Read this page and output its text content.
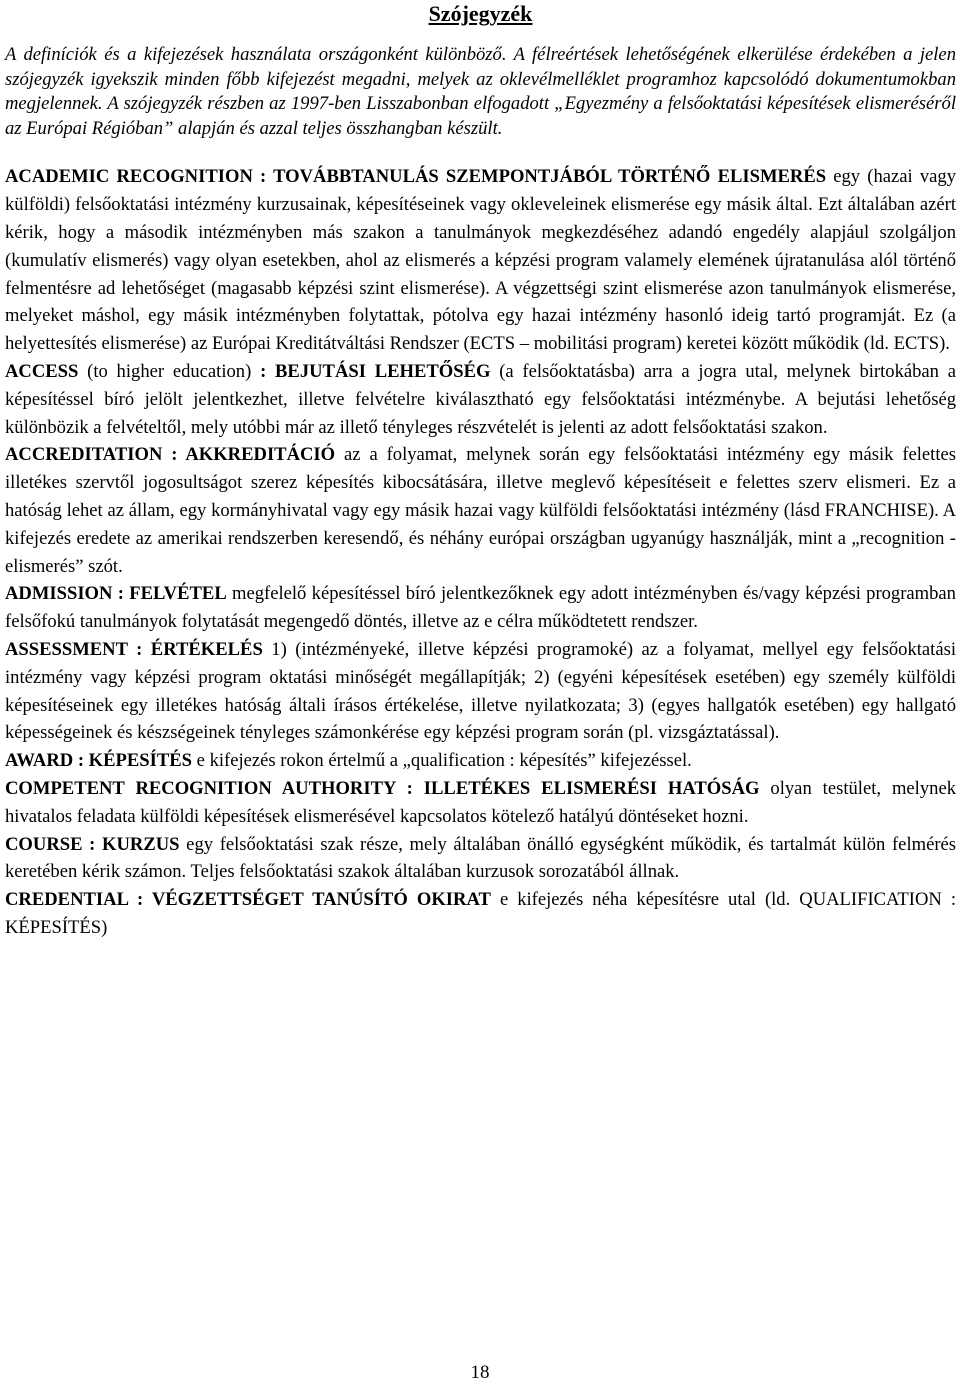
Szójegyzék

A definíciók és a kifejezések használata országonként különböző. A félreértések lehetőségének elkerülése érdekében a jelen szójegyzék igyekszik minden főbb kifejezést megadni, melyek az oklevélmelléklet programhoz kapcsolódó dokumentumokban megjelennek. A szójegyzék részben az 1997-ben Lisszabonban elfogadott „Egyezmény a felsőoktatási képesítések elismeréséről az Európai Régióban” alapján és azzal teljes összhangban készült.

ACADEMIC RECOGNITION : TOVÁBBTANULÁS SZEMPONTJÁBÓL TÖRTÉNŐ ELISMERÉS egy (hazai vagy külföldi) felsőoktatási intézmény kurzusainak, képesítéseinek vagy okleveleinek elismerése egy másik által. Ezt általában azért kérik, hogy a második intézményben más szakon a tanulmányok megkezdéséhez adandó engedély alapjául szolgáljon (kumulatív elismerés) vagy olyan esetekben, ahol az elismerés a képzési program valamely elemének újratanulása alól történő felmentésre ad lehetőséget (magasabb képzési szint elismerése). A végzettségi szint elismerése azon tanulmányok elismerése, melyeket máshol, egy másik intézményben folytattak, pótolva egy hazai intézmény hasonló ideig tartó programját. Ez (a helyettesítés elismerése) az Európai Kreditátváltási Rendszer (ECTS – mobilitási program) keretei között működik (ld. ECTS).

ACCESS (to higher education) : BEJUTÁSI LEHETŐSÉG (a felsőoktatásba) arra a jogra utal, melynek birtokában a képesítéssel bíró jelölt jelentkezhet, illetve felvételre kiválasztható egy felsőoktatási intézménybe. A bejutási lehetőség különbözik a felvételtől, mely utóbbi már az illető tényleges részvételét is jelenti az adott felsőoktatási szakon.

ACCREDITATION : AKKREDITÁCIÓ az a folyamat, melynek során egy felsőoktatási intézmény egy másik felettes illetékes szervtől jogosultságot szerez képesítés kibocsátására, illetve meglevő képesítéseit e felettes szerv elismeri. Ez a hatóság lehet az állam, egy kormányhivatal vagy egy másik hazai vagy külföldi felsőoktatási intézmény (lásd FRANCHISE). A kifejezés eredete az amerikai rendszerben keresendő, és néhány európai országban ugyanúgy használják, mint a „recognition - elismerés” szót.

ADMISSION : FELVÉTEL megfelelő képesítéssel bíró jelentkezőknek egy adott intézményben és/vagy képzési programban felsőfokú tanulmányok folytatását megengedő döntés, illetve az e célra működtetett rendszer.

ASSESSMENT : ÉRTÉKELÉS 1) (intézményeké, illetve képzési programoké) az a folyamat, mellyel egy felsőoktatási intézmény vagy képzési program oktatási minőségét megállapítják; 2) (egyéni képesítések esetében) egy személy külföldi képesítéseinek egy illetékes hatóság általi írásos értékelése, illetve nyilatkozata; 3) (egyes hallgatók esetében) egy hallgató képességeinek és készségeinek tényleges számonkérése egy képzési program során (pl. vizsgáztatással).

AWARD : KÉPESÍTÉS e kifejezés rokon értelmű a „qualification : képesítés” kifejezéssel.

COMPETENT RECOGNITION AUTHORITY : ILLETÉKES ELISMERÉSI HATÓSÁG olyan testület, melynek hivatalos feladata külföldi képesítések elismerésével kapcsolatos kötelező hatályú döntéseket hozni.

COURSE : KURZUS egy felsőoktatási szak része, mely általában önálló egységként működik, és tartalmát külön felmérés keretében kérik számon. Teljes felsőoktatási szakok általában kurzusok sorozatából állnak.

CREDENTIAL : VÉGZETTSÉGET TANÚSÍTÓ OKIRAT e kifejezés néha képesítésre utal (ld. QUALIFICATION : KÉPESÍTÉS)

18
